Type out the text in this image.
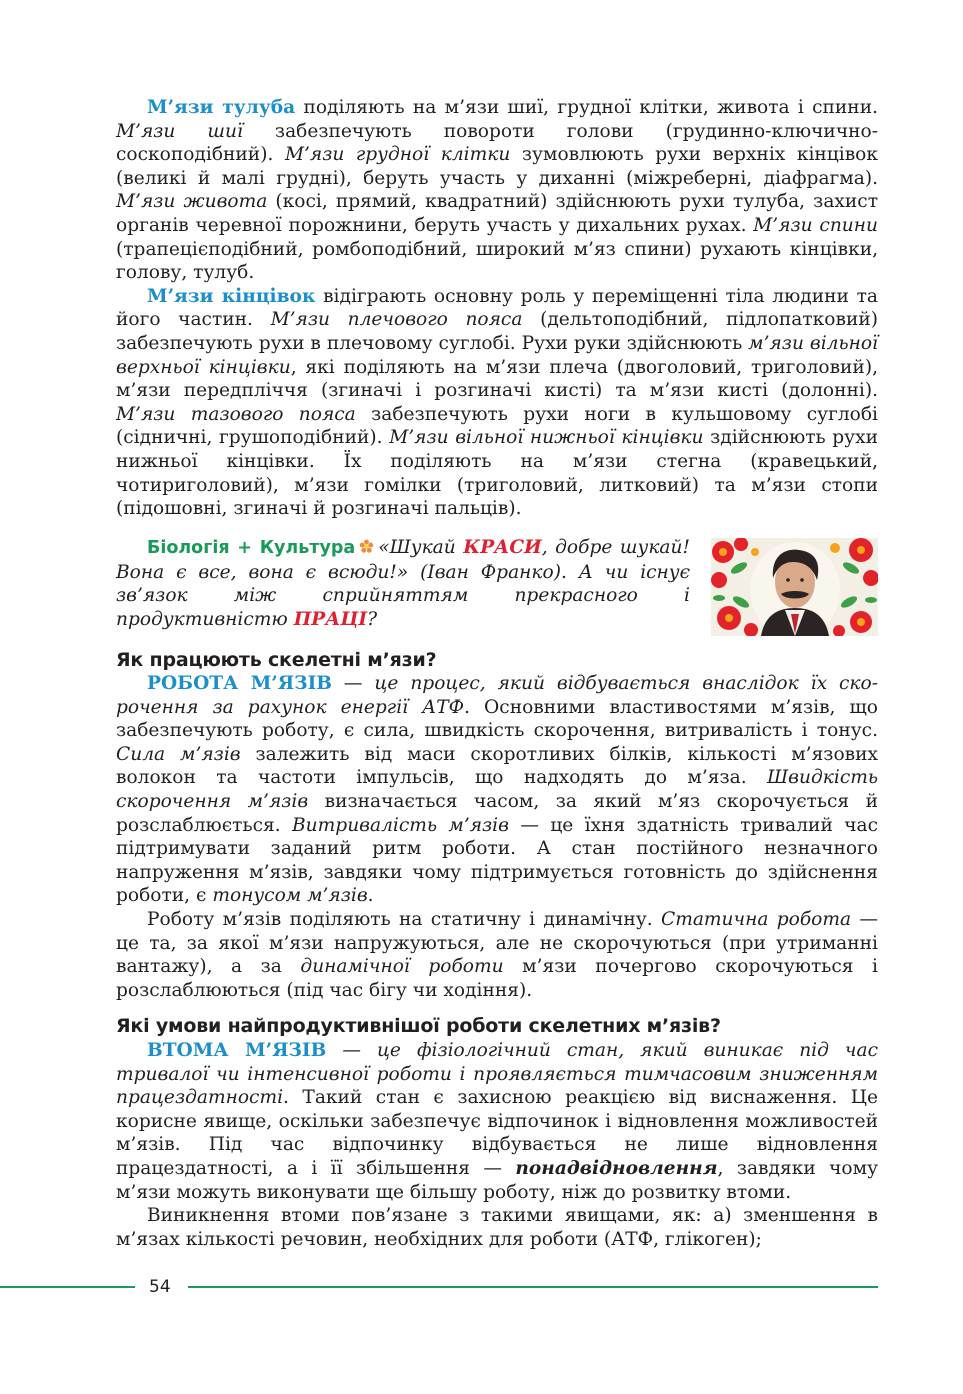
М’язи тулуба поділяють на м’язи шиї, грудної клітки, живота і спини. М’язи шиї забезпечують повороти голови (грудинно-ключично-соскоподібний). М’язи грудної клітки зумовлюють рухи верхніх кінцівок (великі й малі грудні), беруть участь у диханні (міжреберні, діафрагма). М’язи живота (косі, прямий, квадратний) здійснюють рухи тулуба, захист органів черевної порожнини, беруть участь у дихальних рухах. М’язи спини (трапецієподібний, ромбоподібний, широкий м’яз спини) рухають кінцівки, голову, тулуб.

М’язи кінцівок відіграють основну роль у переміщенні тіла людини та його частин. М’язи плечового пояса (дельтоподібний, підлопатковий) забезпечують рухи в плечовому суглобі. Рухи руки здійснюють м’язи вільної верхньої кінцівки, які поділяють на м’язи плеча (двоголовий, триголовий), м’язи передпліччя (згиначі і розгиначі кисті) та м’язи кисті (долонні). М’язи тазового пояса забезпечують рухи ноги в кульшовому суглобі (сідничні, грушоподібний). М’язи вільної нижньої кінцівки здійснюють рухи нижньої кінцівки. Їх поділяють на м’язи стегна (кравецький, чотириголовий), м’язи гомілки (триголовий, литковий) та м’язи стопи (підошовні, згиначі й розгиначі пальців).

Біологія + Культура «Шукай КРАСИ, добре шукай! Вона є все, вона є всюди!» (Іван Франко). А чи існує зв’язок між сприйняттям прекрасного і продуктивністю ПРАЦІ?

Як працюють скелетні м’язи?

РОБОТА М’ЯЗІВ — це процес, який відбувається внаслідок їх скорочення за рахунок енергії АТФ. Основними властивостями м’язів, що забезпечують роботу, є сила, швидкість скорочення, витривалість і тонус. Сила м’язів залежить від маси скоротливих білків, кількості м’язових волокон та частоти імпульсів, що надходять до м’яза. Швидкість скорочення м’язів визначається часом, за який м’яз скорочується й розслаблюється. Витривалість м’язів — це їхня здатність тривалий час підтримувати заданий ритм роботи. А стан постійного незначного напруження м’язів, завдяки чому підтримується готовність до здійснення роботи, є тонусом м’язів.

Роботу м’язів поділяють на статичну і динамічну. Статична робота — це та, за якої м’язи напружуються, але не скорочуються (при утриманні вантажу), а за динамічної роботи м’язи почергово скорочуються і розслаблюються (під час бігу чи ходіння).

Які умови найпродуктивнішої роботи скелетних м’язів?

ВТОМА М’ЯЗІВ — це фізіологічний стан, який виникає під час тривалої чи інтенсивної роботи і проявляється тимчасовим зниженням працездатності. Такий стан є захисною реакцією від виснаження. Це корисне явище, оскільки забезпечує відпочинок і відновлення можливостей м’язів. Під час відпочинку відбувається не лише відновлення працездатності, а і її збільшення — понадвідновлення, завдяки чому м’язи можуть виконувати ще більшу роботу, ніж до розвитку втоми.

Виникнення втоми пов’язане з такими явищами, як: а) зменшення в м’язах кількості речовин, необхідних для роботи (АТФ, глікоген);

54
